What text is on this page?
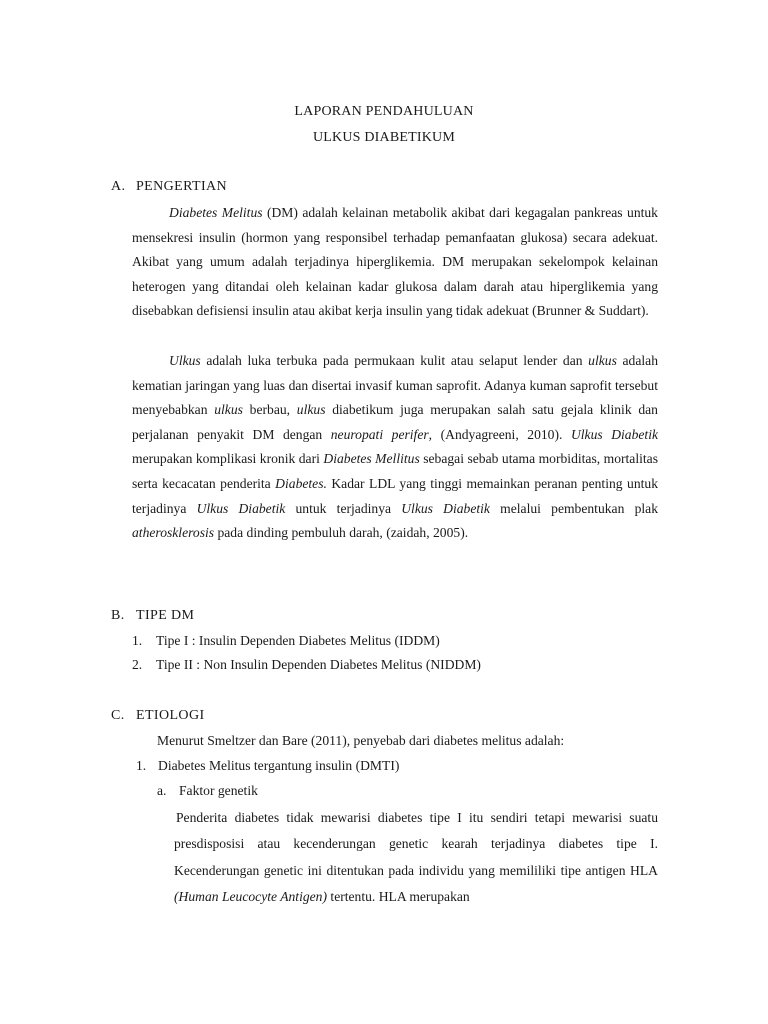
LAPORAN PENDAHULUAN
ULKUS DIABETIKUM
A. PENGERTIAN
Diabetes Melitus (DM) adalah kelainan metabolik akibat dari kegagalan pankreas untuk mensekresi insulin (hormon yang responsibel terhadap pemanfaatan glukosa) secara adekuat. Akibat yang umum adalah terjadinya hiperglikemia. DM merupakan sekelompok kelainan heterogen yang ditandai oleh kelainan kadar glukosa dalam darah atau hiperglikemia yang disebabkan defisiensi insulin atau akibat kerja insulin yang tidak adekuat (Brunner & Suddart).
Ulkus adalah luka terbuka pada permukaan kulit atau selaput lender dan ulkus adalah kematian jaringan yang luas dan disertai invasif kuman saprofit. Adanya kuman saprofit tersebut menyebabkan ulkus berbau, ulkus diabetikum juga merupakan salah satu gejala klinik dan perjalanan penyakit DM dengan neuropati perifer, (Andyagreeni, 2010). Ulkus Diabetik merupakan komplikasi kronik dari Diabetes Mellitus sebagai sebab utama morbiditas, mortalitas serta kecacatan penderita Diabetes. Kadar LDL yang tinggi memainkan peranan penting untuk terjadinya Ulkus Diabetik untuk terjadinya Ulkus Diabetik melalui pembentukan plak atherosklerosis pada dinding pembuluh darah, (zaidah, 2005).
B. TIPE DM
1. Tipe I : Insulin Dependen Diabetes Melitus (IDDM)
2. Tipe II : Non Insulin Dependen Diabetes Melitus (NIDDM)
C. ETIOLOGI
Menurut Smeltzer dan Bare (2011), penyebab dari diabetes melitus adalah:
1. Diabetes Melitus tergantung insulin (DMTI)
a. Faktor genetik
Penderita diabetes tidak mewarisi diabetes tipe I itu sendiri tetapi mewarisi suatu presdisposisi atau kecenderungan genetic kearah terjadinya diabetes tipe I. Kecenderungan genetic ini ditentukan pada individu yang memililiki tipe antigen HLA (Human Leucocyte Antigen) tertentu. HLA merupakan
